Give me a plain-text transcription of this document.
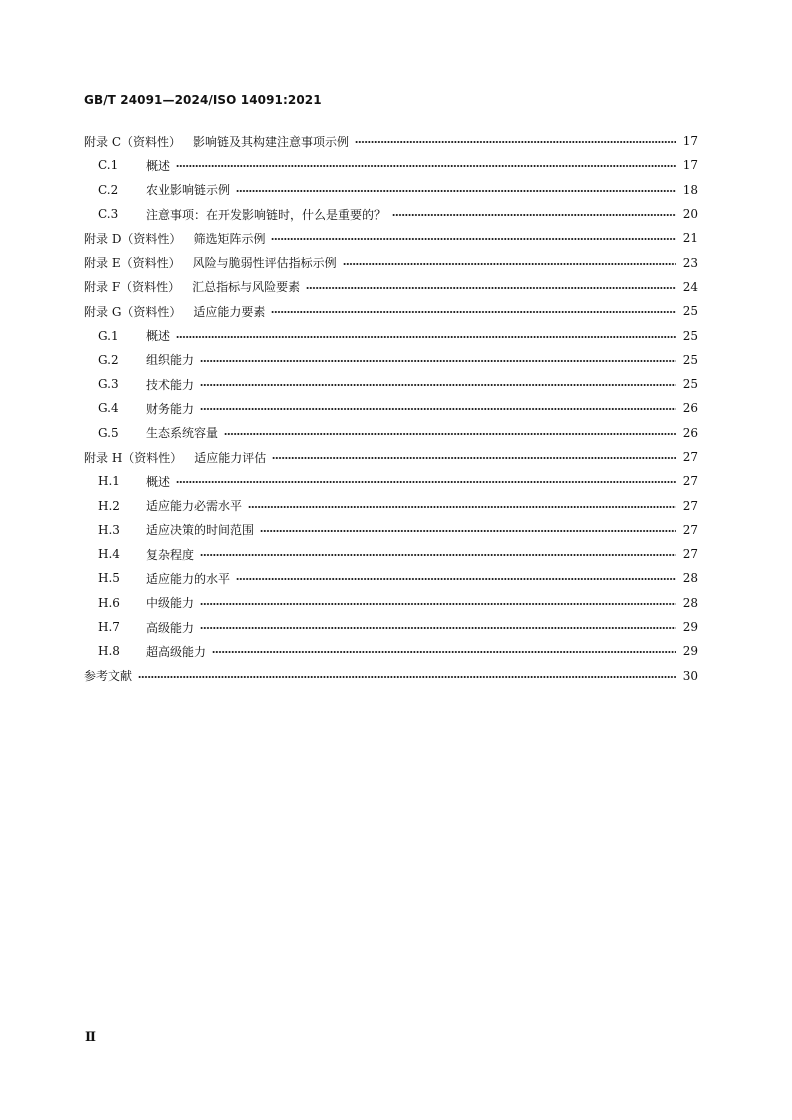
GB/T 24091—2024/ISO 14091:2021
附录 C（资料性） 影响链及其构建注意事项示例	17
C.1	概述	17
C.2	农业影响链示例	18
C.3	注意事项：在开发影响链时，什么是重要的？	20
附录 D（资料性） 筛选矩阵示例	21
附录 E（资料性） 风险与脆弱性评估指标示例	23
附录 F（资料性） 汇总指标与风险要素	24
附录 G（资料性） 适应能力要素	25
G.1	概述	25
G.2	组织能力	25
G.3	技术能力	25
G.4	财务能力	26
G.5	生态系统容量	26
附录 H（资料性） 适应能力评估	27
H.1	概述	27
H.2	适应能力必需水平	27
H.3	适应决策的时间范围	27
H.4	复杂程度	27
H.5	适应能力的水平	28
H.6	中级能力	28
H.7	高级能力	29
H.8	超高级能力	29
参考文献	30
Ⅱ
